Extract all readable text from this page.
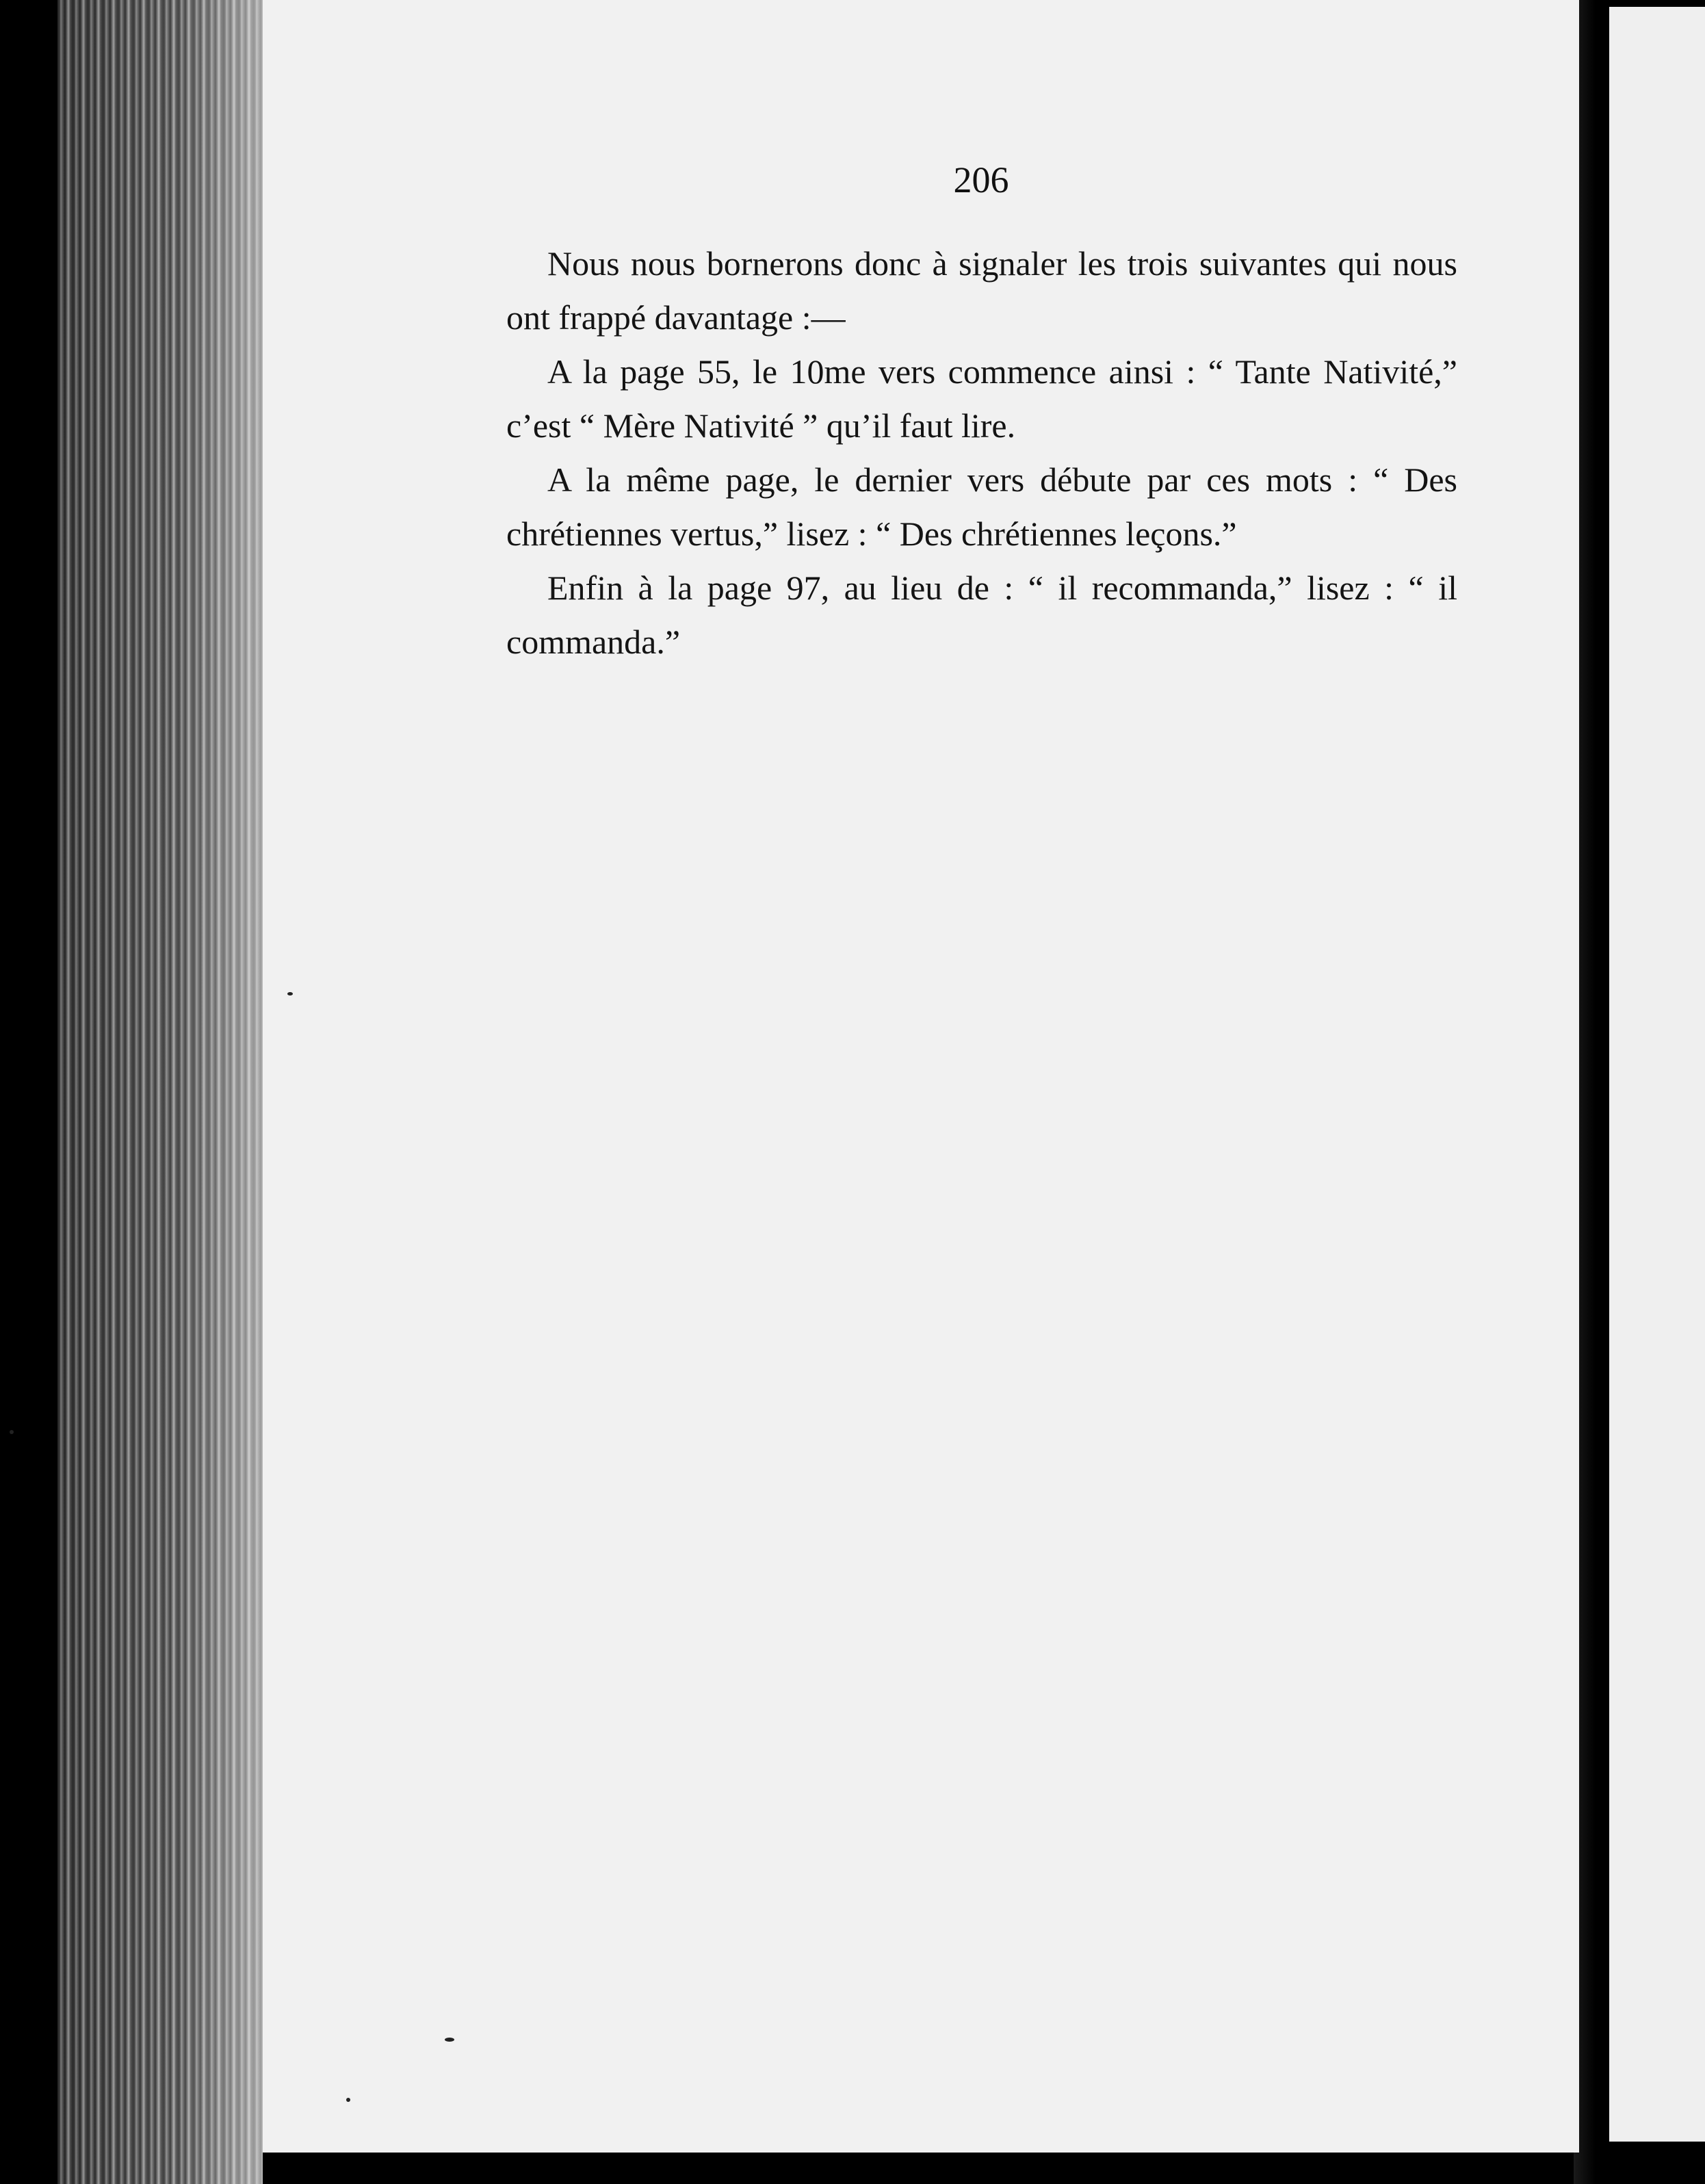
206

Nous nous bornerons donc à signaler les trois suivantes qui nous ont frappé davantage :—

A la page 55, le 10me vers commence ainsi : “ Tante Nativité,” c’est “ Mère Nativité ” qu’il faut lire.

A la même page, le dernier vers débute par ces mots : “ Des chrétiennes vertus,” lisez : “ Des chrétiennes leçons.”

Enfin à la page 97, au lieu de : “ il recommanda,” lisez : “ il commanda.”
